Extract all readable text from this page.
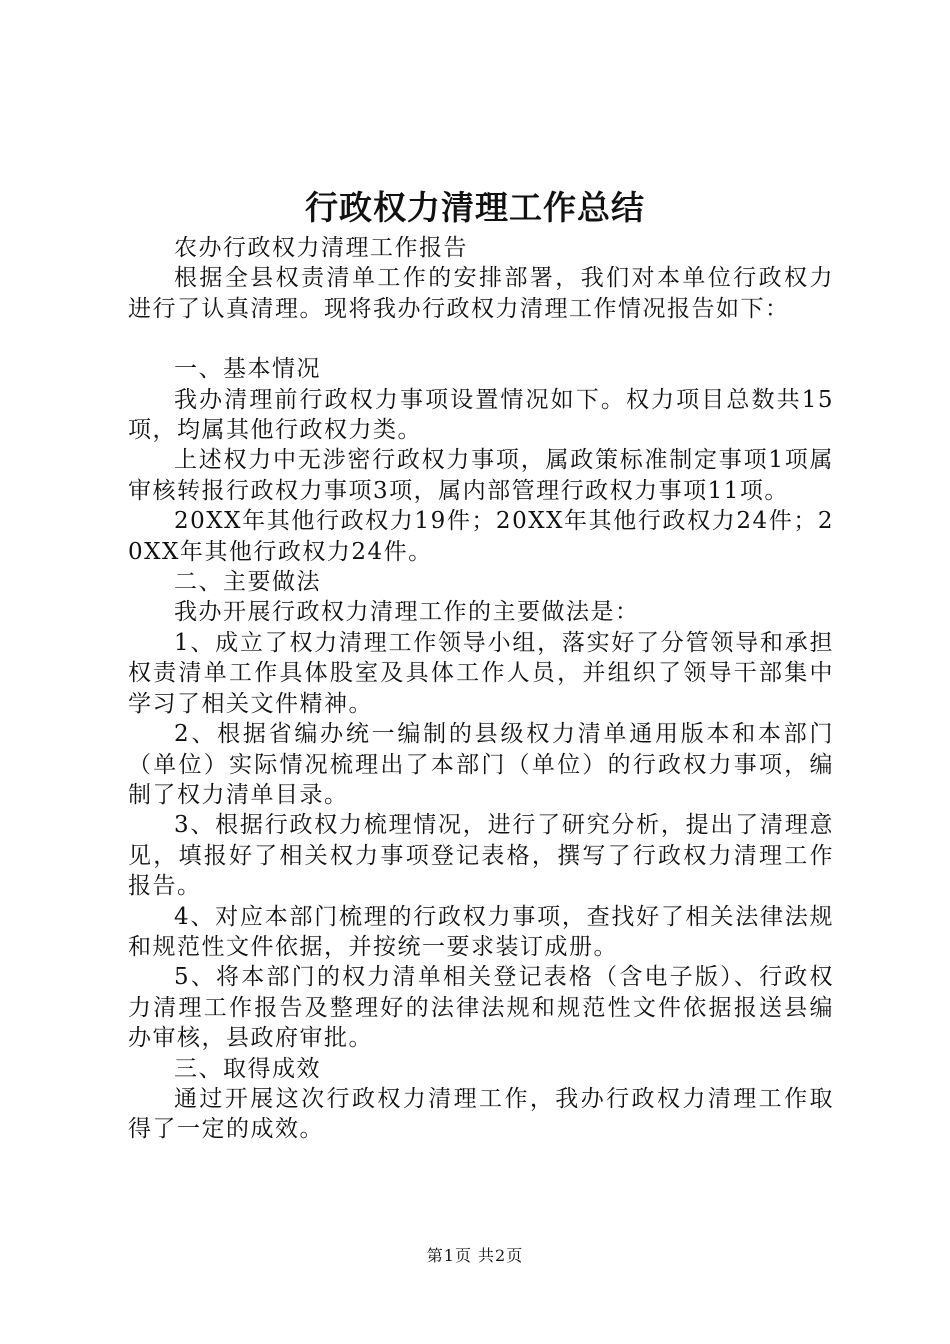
行政权力清理工作总结

农办行政权力清理工作报告

根据全县权责清单工作的安排部署，我们对本单位行政权力进行了认真清理。现将我办行政权力清理工作情况报告如下：

一、基本情况

我办清理前行政权力事项设置情况如下。权力项目总数共15项，均属其他行政权力类。

上述权力中无涉密行政权力事项，属政策标准制定事项1项属审核转报行政权力事项3项，属内部管理行政权力事项11项。

20XX年其他行政权力19件；20XX年其他行政权力24件；20XX年其他行政权力24件。

二、主要做法

我办开展行政权力清理工作的主要做法是：

1、成立了权力清理工作领导小组，落实好了分管领导和承担权责清单工作具体股室及具体工作人员，并组织了领导干部集中学习了相关文件精神。

2、根据省编办统一编制的县级权力清单通用版本和本部门（单位）实际情况梳理出了本部门（单位）的行政权力事项，编制了权力清单目录。

3、根据行政权力梳理情况，进行了研究分析，提出了清理意见，填报好了相关权力事项登记表格，撰写了行政权力清理工作报告。

4、对应本部门梳理的行政权力事项，查找好了相关法律法规和规范性文件依据，并按统一要求装订成册。

5、将本部门的权力清单相关登记表格（含电子版）、行政权力清理工作报告及整理好的法律法规和规范性文件依据报送县编办审核，县政府审批。

三、取得成效

通过开展这次行政权力清理工作，我办行政权力清理工作取得了一定的成效。

第1页 共2页
